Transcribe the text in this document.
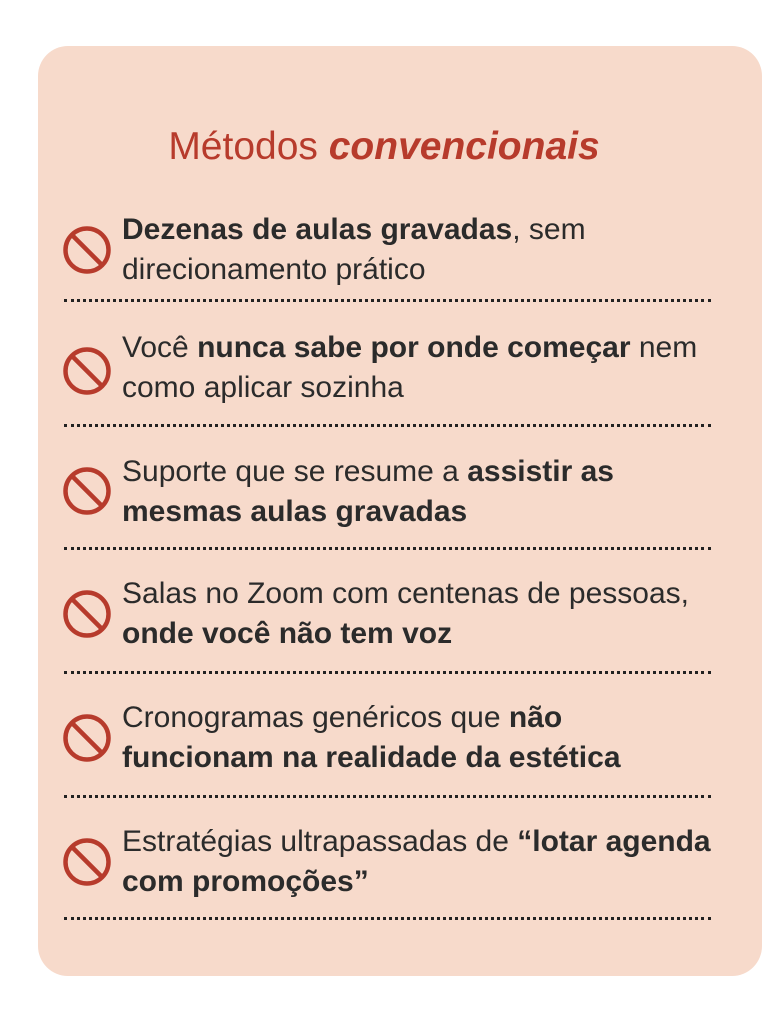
Métodos convencionais
Dezenas de aulas gravadas, sem direcionamento prático
Você nunca sabe por onde começar nem como aplicar sozinha
Suporte que se resume a assistir as mesmas aulas gravadas
Salas no Zoom com centenas de pessoas, onde você não tem voz
Cronogramas genéricos que não funcionam na realidade da estética
Estratégias ultrapassadas de “lotar agenda com promoções”
